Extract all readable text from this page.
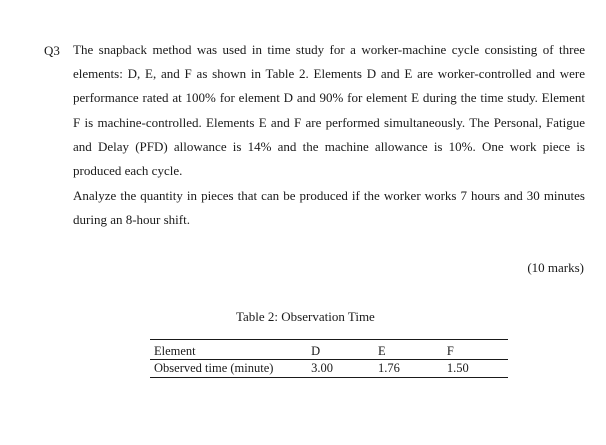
Q3 The snapback method was used in time study for a worker-machine cycle consisting of three elements: D, E, and F as shown in Table 2. Elements D and E are worker-controlled and were performance rated at 100% for element D and 90% for element E during the time study. Element F is machine-controlled. Elements E and F are performed simultaneously. The Personal, Fatigue and Delay (PFD) allowance is 14% and the machine allowance is 10%. One work piece is produced each cycle.

Analyze the quantity in pieces that can be produced if the worker works 7 hours and 30 minutes during an 8-hour shift.

(10 marks)
Table 2: Observation Time
Element	D	E	F
Observed time (minute)	3.00	1.76	1.50
